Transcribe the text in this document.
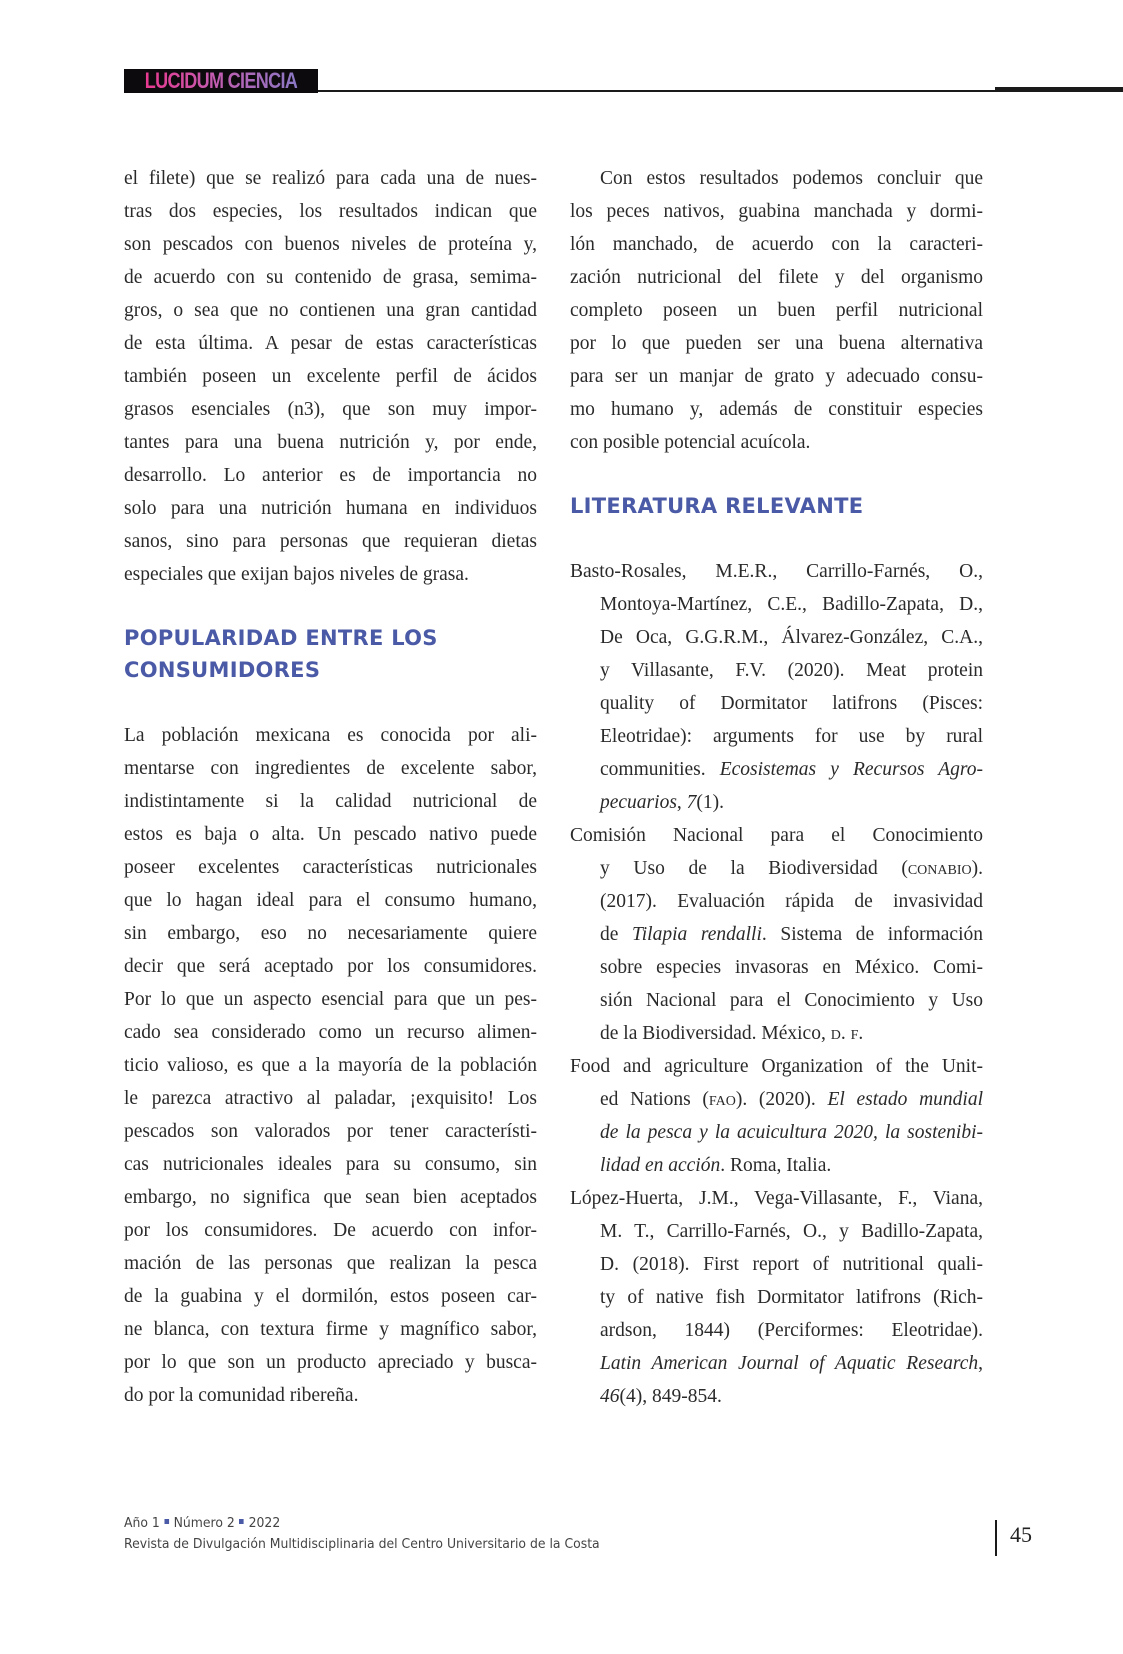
LUCIDUM CIENCIA
el filete) que se realizó para cada una de nues-
tras dos especies, los resultados indican que
son pescados con buenos niveles de proteína y,
de acuerdo con su contenido de grasa, semima-
gros, o sea que no contienen una gran cantidad
de esta última. A pesar de estas características
también poseen un excelente perfil de ácidos
grasos esenciales (n3), que son muy impor-
tantes para una buena nutrición y, por ende,
desarrollo. Lo anterior es de importancia no
solo para una nutrición humana en individuos
sanos, sino para personas que requieran dietas
especiales que exijan bajos niveles de grasa.
POPULARIDAD ENTRE LOS
CONSUMIDORES
La población mexicana es conocida por ali-
mentarse con ingredientes de excelente sabor,
indistintamente si la calidad nutricional de
estos es baja o alta. Un pescado nativo puede
poseer excelentes características nutricionales
que lo hagan ideal para el consumo humano,
sin embargo, eso no necesariamente quiere
decir que será aceptado por los consumidores.
Por lo que un aspecto esencial para que un pes-
cado sea considerado como un recurso alimen-
ticio valioso, es que a la mayoría de la población
le parezca atractivo al paladar, ¡exquisito! Los
pescados son valorados por tener característi-
cas nutricionales ideales para su consumo, sin
embargo, no significa que sean bien aceptados
por los consumidores. De acuerdo con infor-
mación de las personas que realizan la pesca
de la guabina y el dormilón, estos poseen car-
ne blanca, con textura firme y magnífico sabor,
por lo que son un producto apreciado y busca-
do por la comunidad ribereña.
Con estos resultados podemos concluir que
los peces nativos, guabina manchada y dormi-
lón manchado, de acuerdo con la caracteri-
zación nutricional del filete y del organismo
completo poseen un buen perfil nutricional
por lo que pueden ser una buena alternativa
para ser un manjar de grato y adecuado consu-
mo humano y, además de constituir especies
con posible potencial acuícola.
LITERATURA RELEVANTE
Basto-Rosales, M.E.R., Carrillo-Farnés, O.,
Montoya-Martínez, C.E., Badillo-Zapata, D.,
De Oca, G.G.R.M., Álvarez-González, C.A.,
y Villasante, F.V. (2020). Meat protein
quality of Dormitator latifrons (Pisces:
Eleotridae): arguments for use by rural
communities. Ecosistemas y Recursos Agro-
pecuarios, 7(1).
Comisión Nacional para el Conocimiento
y Uso de la Biodiversidad (conabio).
(2017). Evaluación rápida de invasividad
de Tilapia rendalli. Sistema de información
sobre especies invasoras en México. Comi-
sión Nacional para el Conocimiento y Uso
de la Biodiversidad. México, d. f.
Food and agriculture Organization of the Unit-
ed Nations (fao). (2020). El estado mundial
de la pesca y la acuicultura 2020, la sostenibi-
lidad en acción. Roma, Italia.
López-Huerta, J.M., Vega-Villasante, F., Viana,
M. T., Carrillo-Farnés, O., y Badillo-Zapata,
D. (2018). First report of nutritional quali-
ty of native fish Dormitator latifrons (Rich-
ardson, 1844) (Perciformes: Eleotridae).
Latin American Journal of Aquatic Research,
46(4), 849-854.
Año 1 Número 2 2022
Revista de Divulgación Multidisciplinaria del Centro Universitario de la Costa	45
